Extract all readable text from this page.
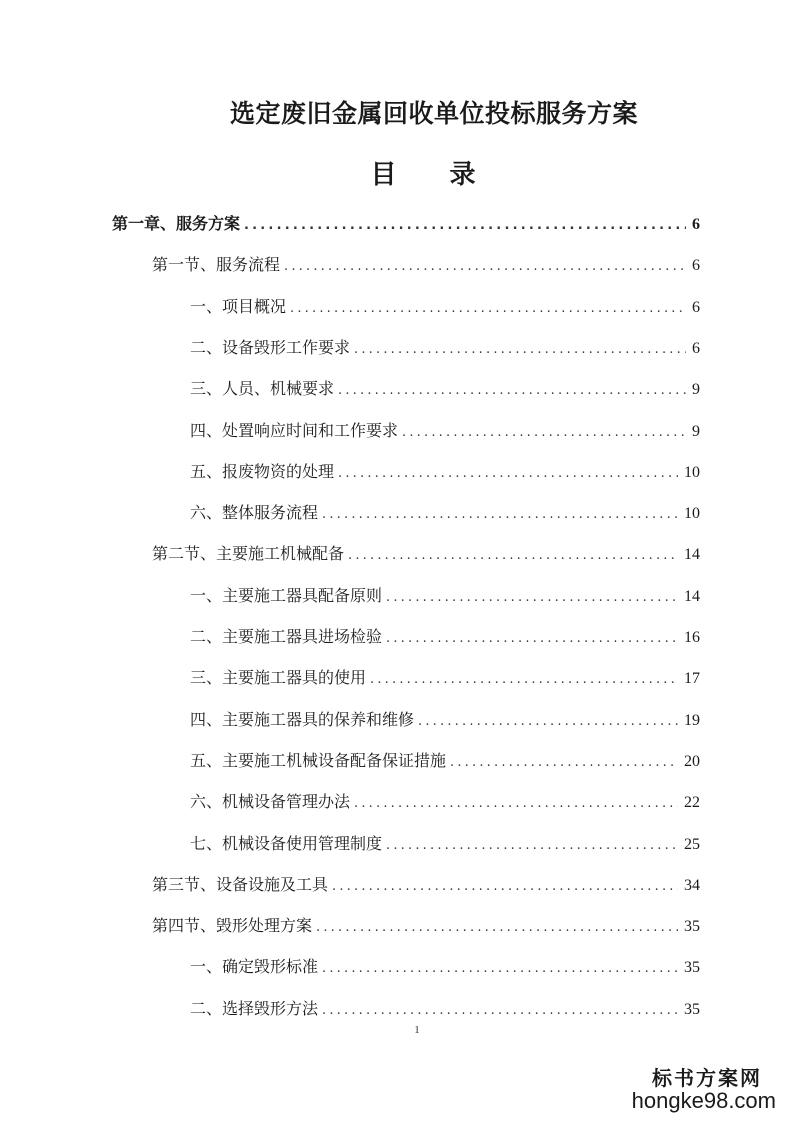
选定废旧金属回收单位投标服务方案
目 录
第一章、服务方案 .....	6
第一节、服务流程 .....	6
一、项目概况 .....	6
二、设备毁形工作要求 .....	6
三、人员、机械要求 .....	9
四、处置响应时间和工作要求 .....	9
五、报废物资的处理 .....	10
六、整体服务流程 .....	10
第二节、主要施工机械配备 .....	14
一、主要施工器具配备原则 .....	14
二、主要施工器具进场检验 .....	16
三、主要施工器具的使用 .....	17
四、主要施工器具的保养和维修 .....	19
五、主要施工机械设备配备保证措施 .....	20
六、机械设备管理办法 .....	22
七、机械设备使用管理制度 .....	25
第三节、设备设施及工具 .....	34
第四节、毁形处理方案 .....	35
一、确定毁形标准 .....	35
二、选择毁形方法 .....	35
1
标书方案网
hongke98.com
